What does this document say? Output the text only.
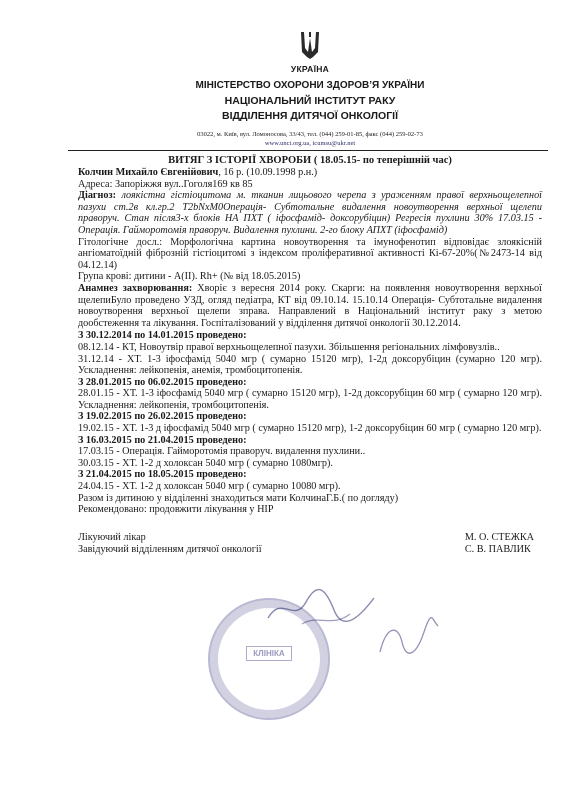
УКРАЇНА
МІНІСТЕРСТВО ОХОРОНИ ЗДОРОВ’Я УКРАЇНИ
НАЦІОНАЛЬНИЙ ІНСТИТУТ РАКУ
ВІДДІЛЕННЯ ДИТЯЧОЇ ОНКОЛОГІЇ
03022, м. Київ, вул. Ломоносова, 33/43, тел. (044) 259-01-85, факс (044) 259-02-73
www.unci.org.ua, icumsu@ukr.net
ВИТЯГ З ІСТОРІЇ ХВОРОБИ ( 18.05.15- по теперішній час)

Колчин Михайло Євгенійович, 16 р. (10.09.1998 р.н.)

Адреса: Запоріжжя вул..Гоголя169 кв 85

Діагноз: лоякістна гістіоцитома м. тканин лицьового черепа з ураженням правої верхньощелепної пазухи ст.2в кл.гр.2 T2bNxM0Операція- Субтотальне видалення новоутворення верхньої щелепи праворуч. Стан після3-х блоків НА ПХТ ( іфосфамід- доксорубіцин) Регресія пухлини 30% 17.03.15 - Операція. Гайморотомія праворуч. Видалення пухлини. 2-го блоку АПХТ (іфосфамід)

Гітологічне досл.: Морфологічна картина новоутворення та імунофенотип відповідає злоякісній ангіоматоїдній фіброзній гістіоцитомі з індексом проліферативної активності Кі-67-20%(№2473-14 від 04.12.14)

Група крові: дитини - А(ІІ). Rh+ (№ від 18.05.2015)

Анамнез захворювання: Хворіє з вересня 2014 року. Скарги: на появлення новоутворення верхньої щелепиБуло проведено УЗД, огляд педіатра, КТ від 09.10.14. 15.10.14 Операція- Субтотальне видалення новоутворення верхньої щелепи зправа. Направлений в Національний інститут раку з метою дообстеження та лікування. Госпіталізований у відділення дитячої онкології 30.12.2014.

З 30.12.2014 по 14.01.2015 проведено:

08.12.14 - КТ, Новоутвір правої верхньощелепної пазухи. Збільшення регіональних лімфовузлів..

31.12.14 - ХТ. 1-3 іфосфамід 5040 мгр ( сумарно 15120 мгр), 1-2д доксорубіцин (сумарно 120 мгр). Ускладнення: лейкопенія, анемія, тромбоцитопенія.

З 28.01.2015 по 06.02.2015 проведено:

28.01.15 - ХТ. 1-3 іфосфамід 5040 мгр ( сумарно 15120 мгр), 1-2д доксорубіцин 60 мгр ( сумарно 120 мгр). Ускладнення: лейкопенія, тромбоцитопенія.

З 19.02.2015 по 26.02.2015 проведено:

19.02.15 - ХТ. 1-3 д іфосфамід 5040 мгр ( сумарно 15120 мгр), 1-2 доксорубіцин 60 мгр ( сумарно 120 мгр).

З 16.03.2015 по 21.04.2015 проведено:

17.03.15 - Операція. Гайморотомія праворуч. видалення пухлини..

30.03.15 - ХТ. 1-2 д холоксан 5040 мгр ( сумарно 1080мгр).

З 21.04.2015 по 18.05.2015 проведено:

24.04.15 - ХТ. 1-2 д холоксан 5040 мгр ( сумарно 10080 мгр).

Разом із дитиною у відділенні знаходиться мати КолчинаГ.Б.( по догляду)

Рекомендовано: продовжити лікування у НІР

Лікуючий лікар
Завідуючий відділенням дитячої онкології
М. О. СТЕЖКА
С. В. ПАВЛИК
КЛІНІКА
